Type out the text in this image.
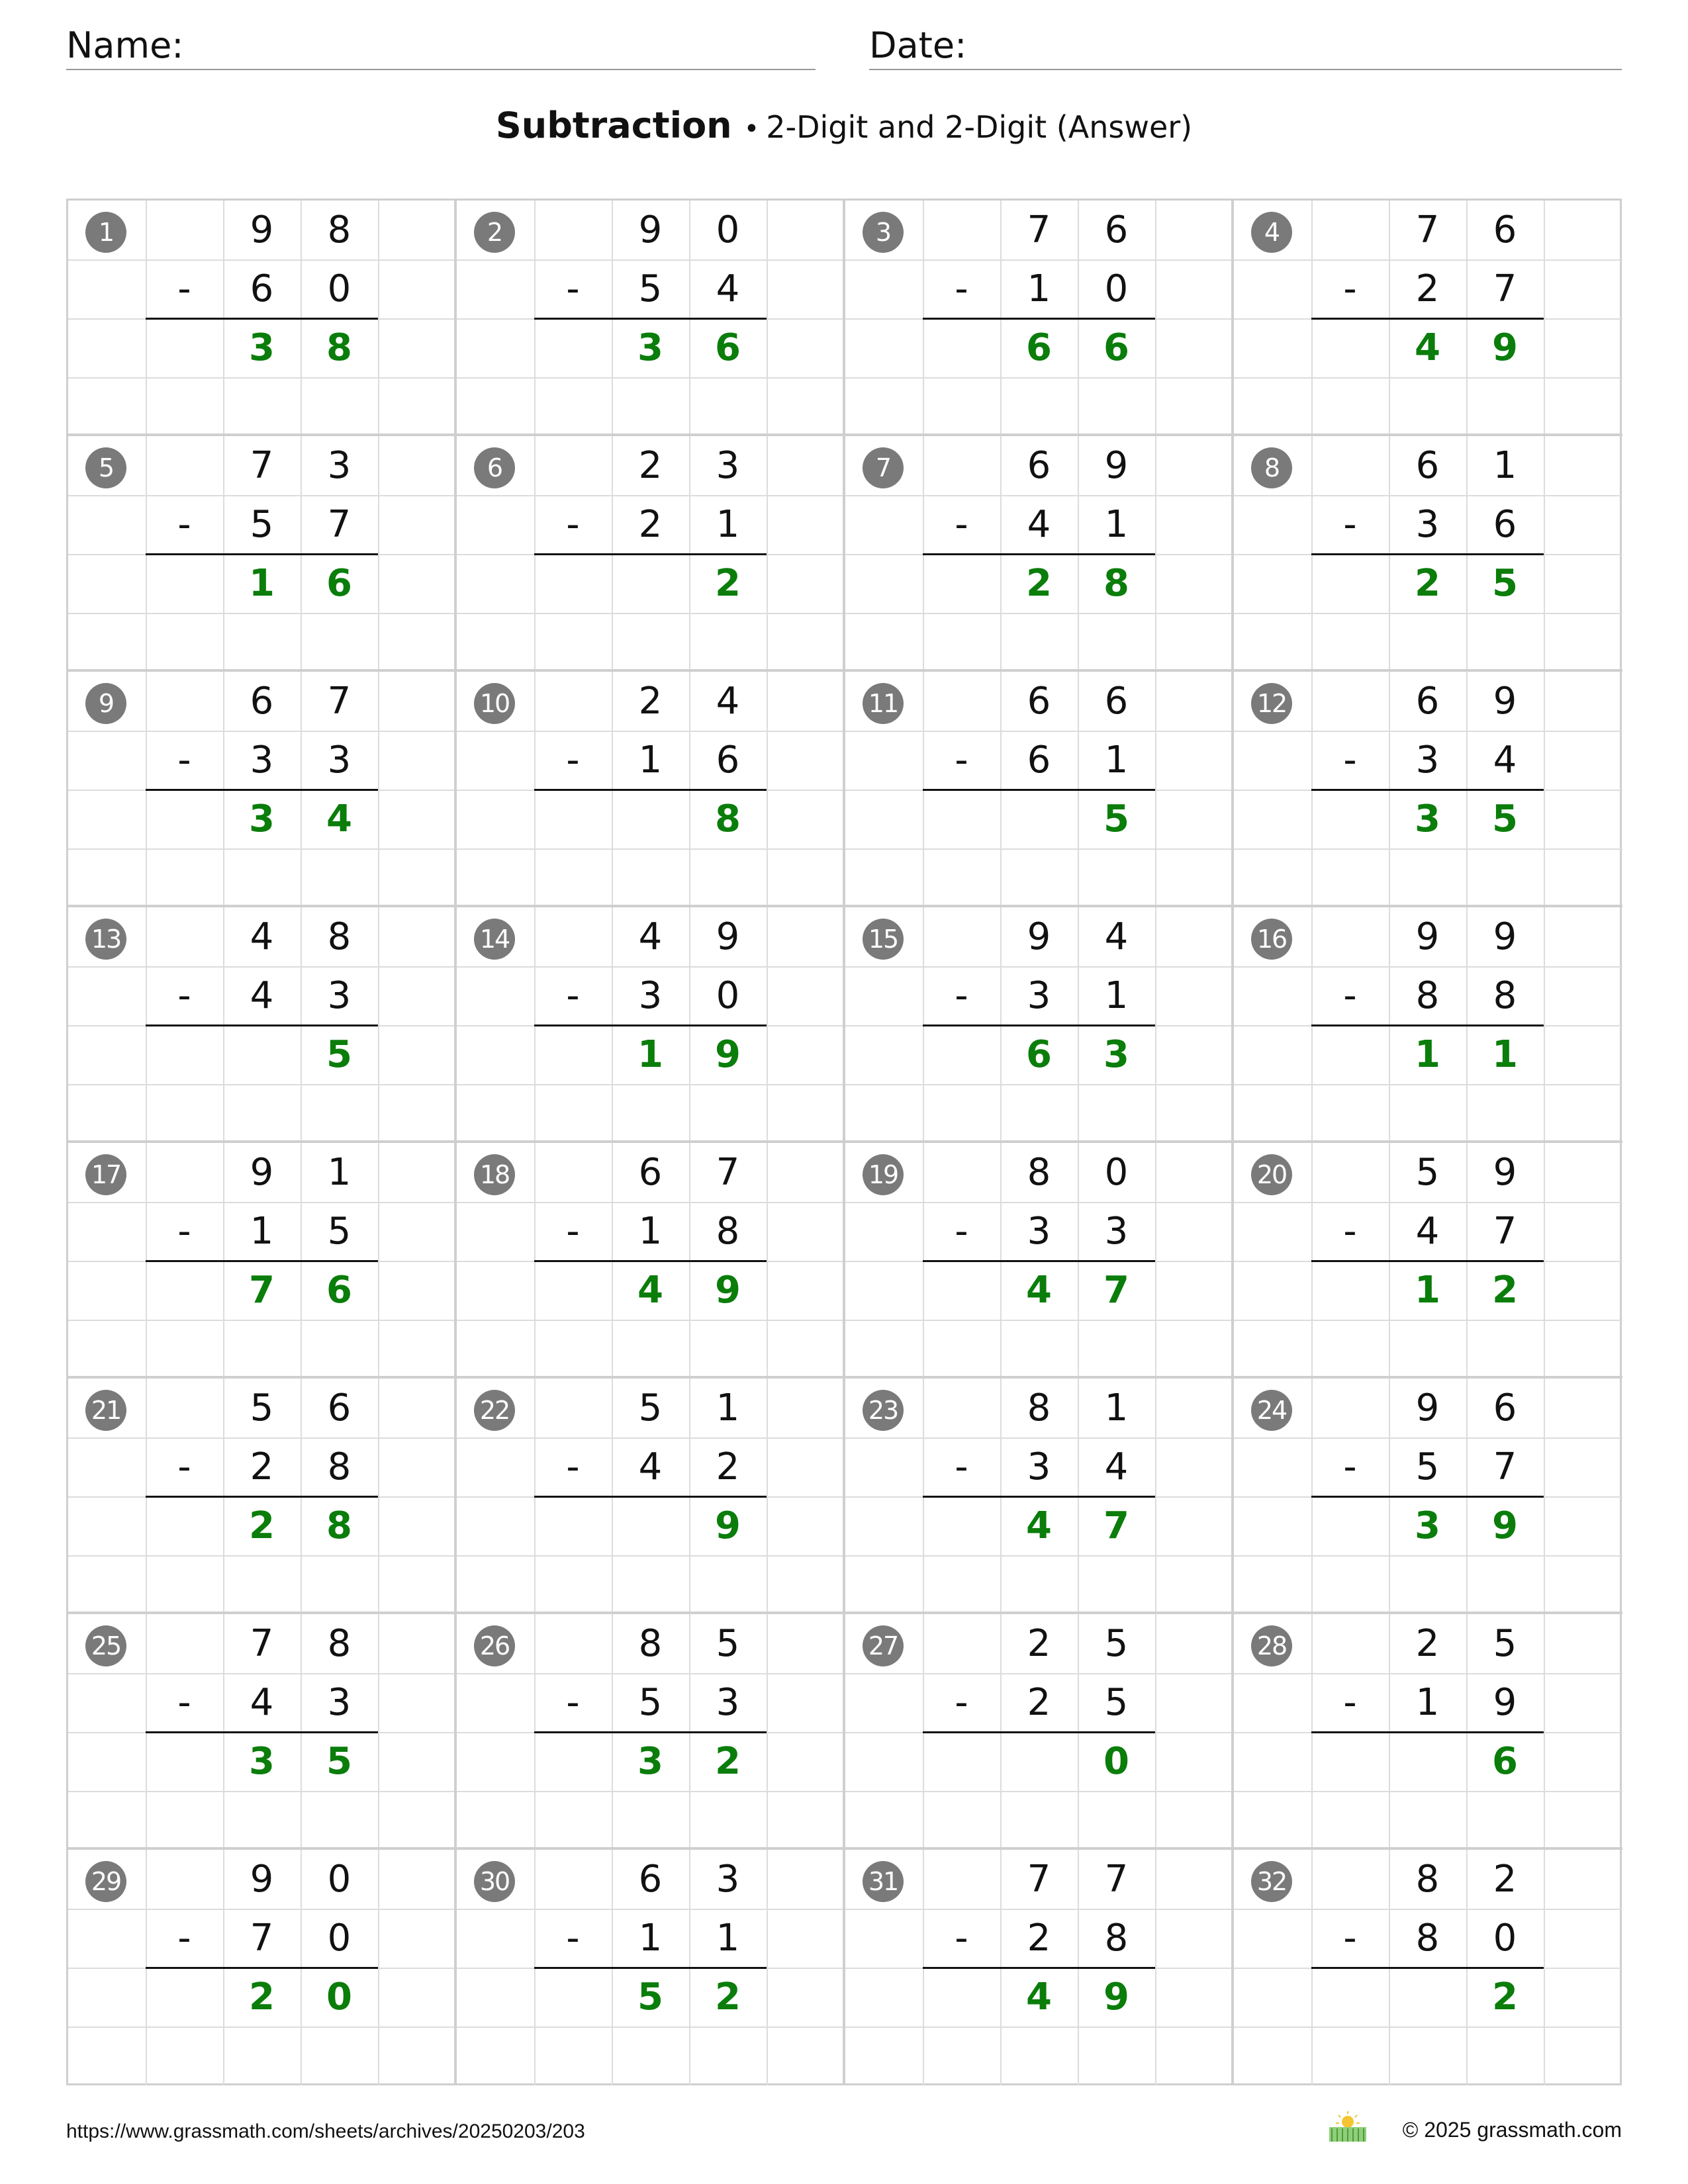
Name:	Date:
Subtraction • 2-Digit and 2-Digit (Answer)
1	9	8
-	6	0
3	8
2	9	0
-	5	4
3	6
3	7	6
-	1	0
6	6
4	7	6
-	2	7
4	9
5	7	3
-	5	7
1	6
6	2	3
-	2	1
2
7	6	9
-	4	1
2	8
8	6	1
-	3	6
2	5
9	6	7
-	3	3
3	4
10	2	4
-	1	6
8
11	6	6
-	6	1
5
12	6	9
-	3	4
3	5
13	4	8
-	4	3
5
14	4	9
-	3	0
1	9
15	9	4
-	3	1
6	3
16	9	9
-	8	8
1	1
17	9	1
-	1	5
7	6
18	6	7
-	1	8
4	9
19	8	0
-	3	3
4	7
20	5	9
-	4	7
1	2
21	5	6
-	2	8
2	8
22	5	1
-	4	2
9
23	8	1
-	3	4
4	7
24	9	6
-	5	7
3	9
25	7	8
-	4	3
3	5
26	8	5
-	5	3
3	2
27	2	5
-	2	5
0
28	2	5
-	1	9
6
29	9	0
-	7	0
2	0
30	6	3
-	1	1
5	2
31	7	7
-	2	8
4	9
32	8	2
-	8	0
2
https://www.grassmath.com/sheets/archives/20250203/203	© 2025 grassmath.com
